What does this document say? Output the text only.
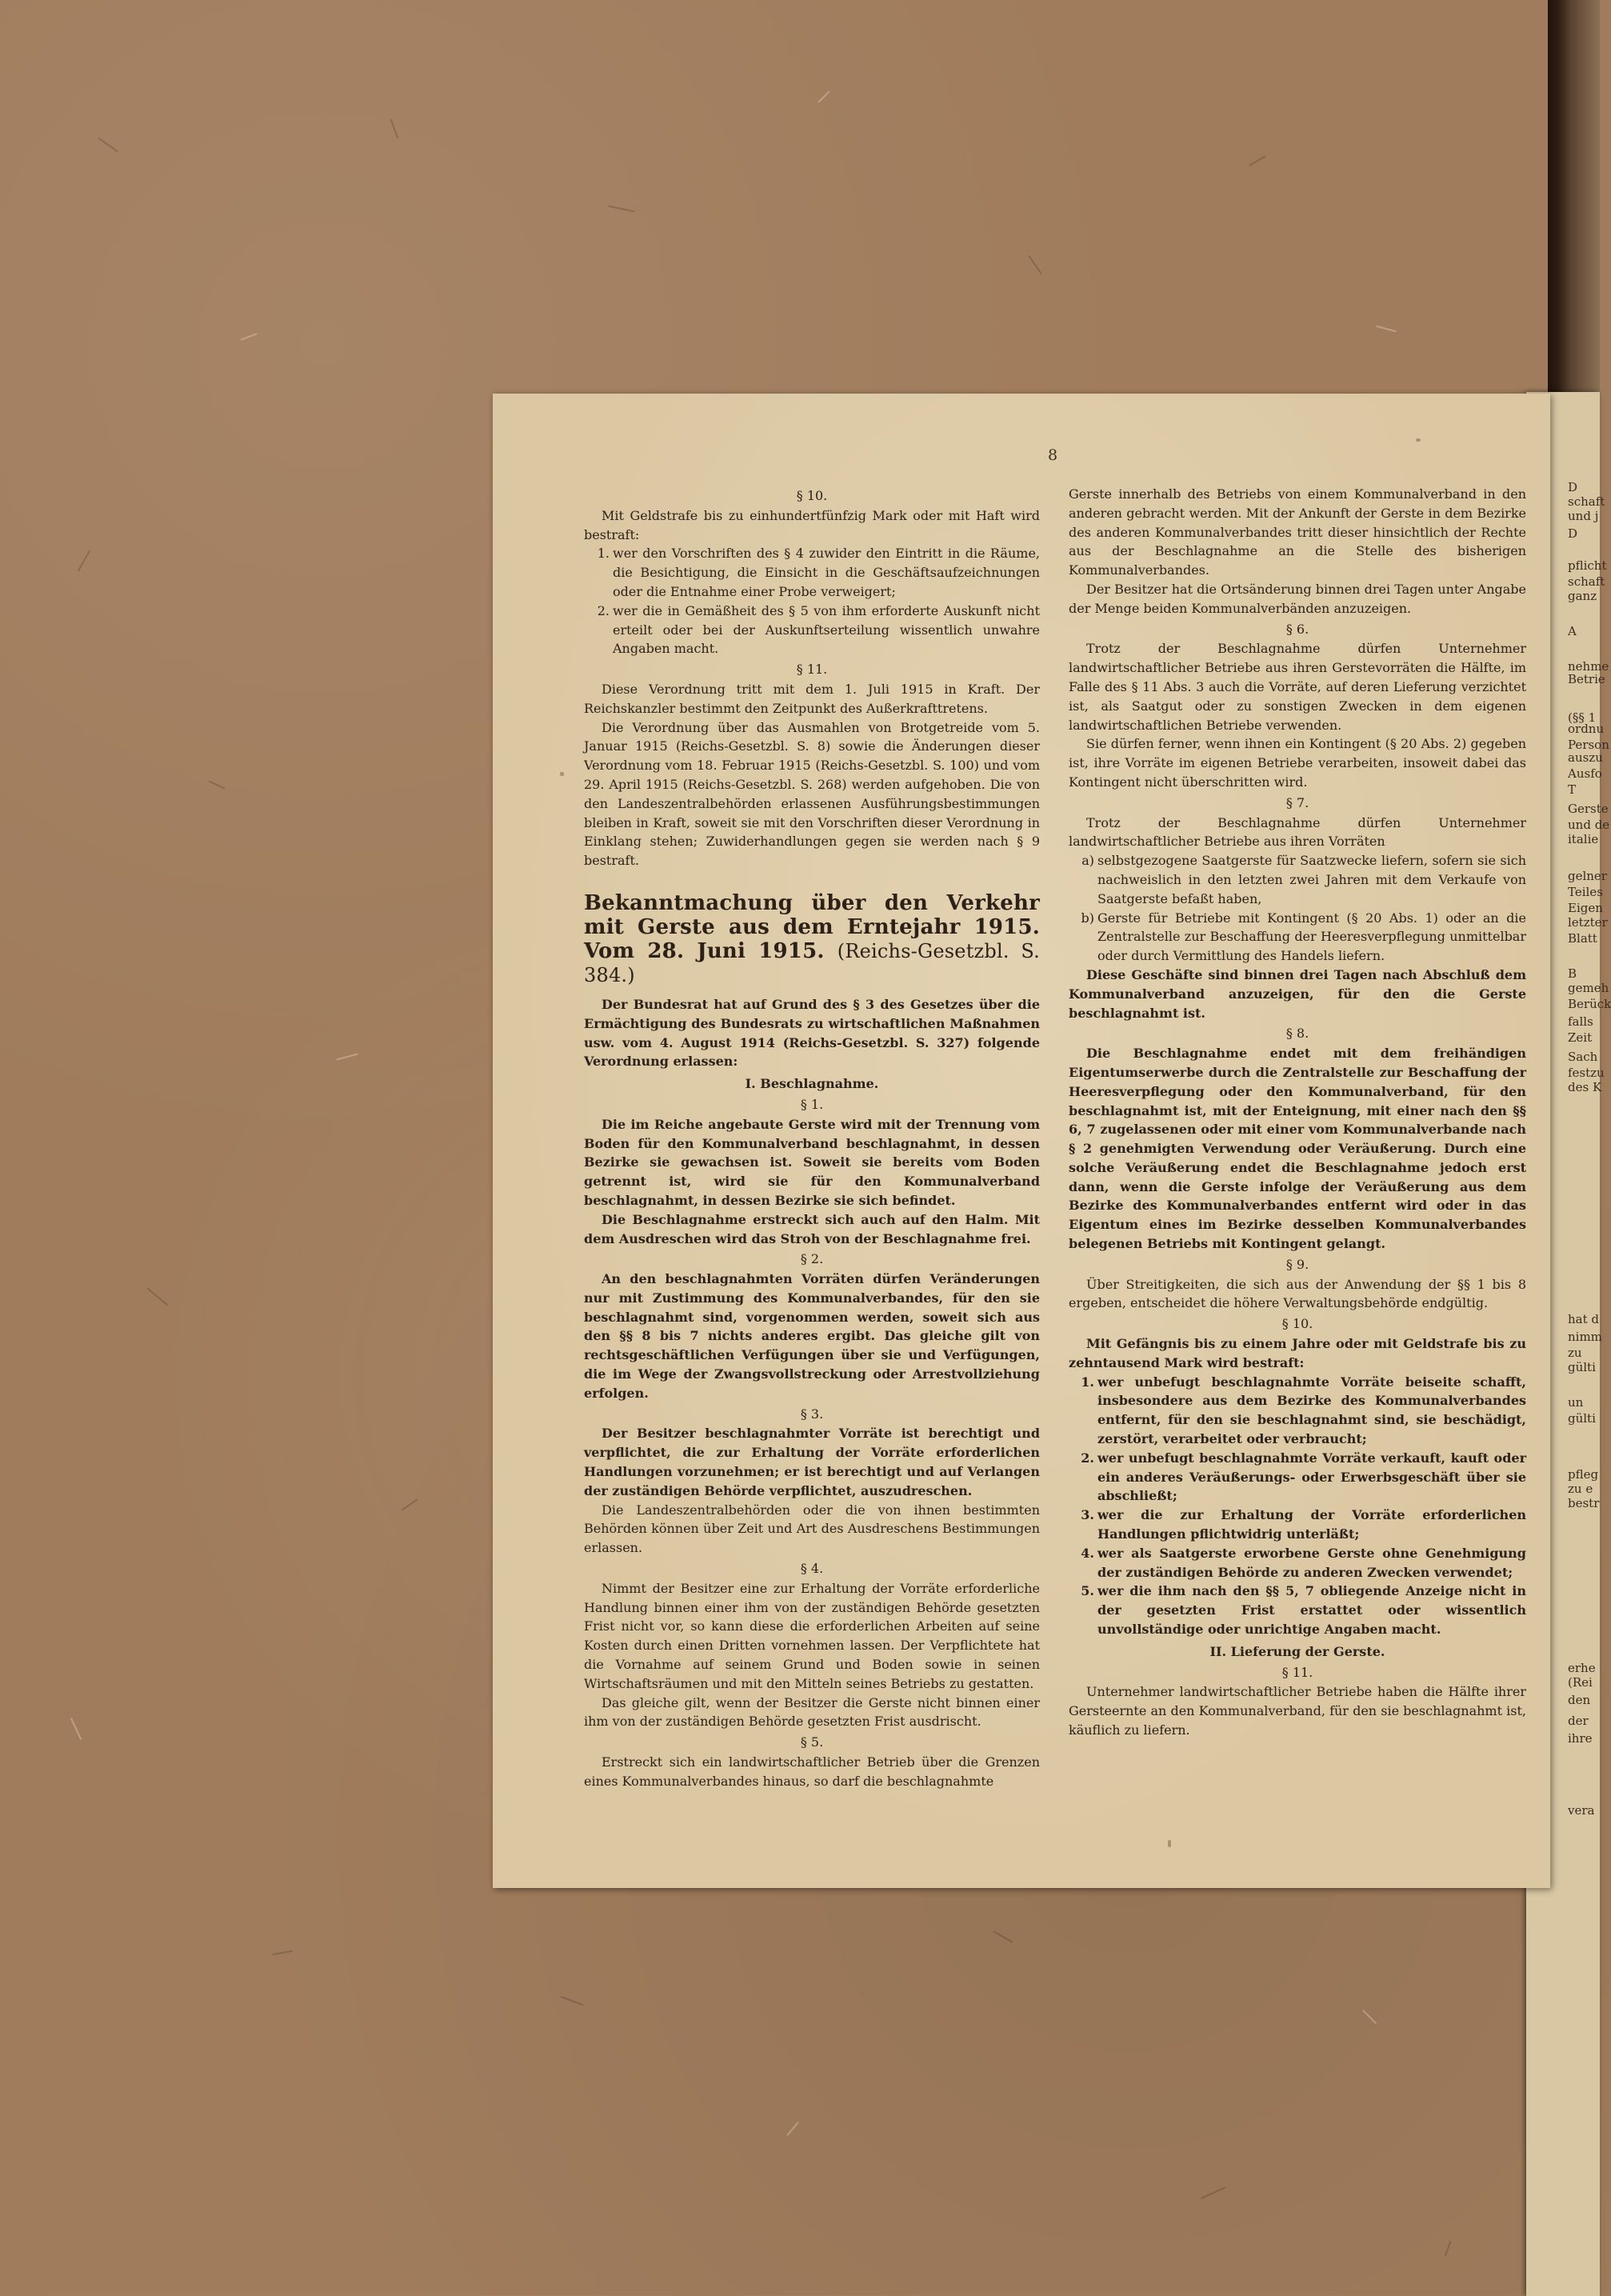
D
schaft
und j
D
pflicht
schaft
ganz
A
nehme
Betrie
(§§ 1
ordnu
Person
auszu
Ausfo
T
Gerste
und de
italie
gelner
Teiles
Eigen
letzter
Blatt
B
gemeh
Berück
falls
Zeit
Sach
festzu
des K
hat d
nimm
zu
gülti
un
gülti
pfleg
zu e
bestr
erhe
(Rei
den
der
ihre
vera
8
§ 10.

Mit Geldstrafe bis zu einhundertfünfzig Mark oder mit Haft wird bestraft:

1. wer den Vorschriften des § 4 zuwider den Eintritt in die Räume, die Besichtigung, die Einsicht in die Geschäftsaufzeichnungen oder die Entnahme einer Probe verweigert;
2. wer die in Gemäßheit des § 5 von ihm erforderte Auskunft nicht erteilt oder bei der Auskunftserteilung wissentlich unwahre Angaben macht.
§ 11.

Diese Verordnung tritt mit dem 1. Juli 1915 in Kraft. Der Reichskanzler bestimmt den Zeitpunkt des Außerkrafttretens.

Die Verordnung über das Ausmahlen von Brotgetreide vom 5. Januar 1915 (Reichs-Gesetzbl. S. 8) sowie die Änderungen dieser Verordnung vom 18. Februar 1915 (Reichs-Gesetzbl. S. 100) und vom 29. April 1915 (Reichs-Gesetzbl. S. 268) werden aufgehoben. Die von den Landeszentralbehörden erlassenen Ausführungsbestimmungen bleiben in Kraft, soweit sie mit den Vorschriften dieser Verordnung in Einklang stehen; Zuwiderhandlungen gegen sie werden nach § 9 bestraft.

Bekanntmachung über den Verkehr mit Gerste aus dem Erntejahr 1915. Vom 28. Juni 1915. (Reichs-Gesetzbl. S. 384.)

Der Bundesrat hat auf Grund des § 3 des Gesetzes über die Ermächtigung des Bundesrats zu wirtschaftlichen Maßnahmen usw. vom 4. August 1914 (Reichs-Gesetzbl. S. 327) folgende Verordnung erlassen:

I. Beschlagnahme.
§ 1.

Die im Reiche angebaute Gerste wird mit der Trennung vom Boden für den Kommunalverband beschlagnahmt, in dessen Bezirke sie gewachsen ist. Soweit sie bereits vom Boden getrennt ist, wird sie für den Kommunalverband beschlagnahmt, in dessen Bezirke sie sich befindet.

Die Beschlagnahme erstreckt sich auch auf den Halm. Mit dem Ausdreschen wird das Stroh von der Beschlagnahme frei.

§ 2.

An den beschlagnahmten Vorräten dürfen Veränderungen nur mit Zustimmung des Kommunalverbandes, für den sie beschlagnahmt sind, vorgenommen werden, soweit sich aus den §§ 8 bis 7 nichts anderes ergibt. Das gleiche gilt von rechtsgeschäftlichen Verfügungen über sie und Verfügungen, die im Wege der Zwangsvollstreckung oder Arrestvollziehung erfolgen.

§ 3.

Der Besitzer beschlagnahmter Vorräte ist berechtigt und verpflichtet, die zur Erhaltung der Vorräte erforderlichen Handlungen vorzunehmen; er ist berechtigt und auf Verlangen der zuständigen Behörde verpflichtet, auszudreschen.

Die Landeszentralbehörden oder die von ihnen bestimmten Behörden können über Zeit und Art des Ausdreschens Bestimmungen erlassen.

§ 4.

Nimmt der Besitzer eine zur Erhaltung der Vorräte erforderliche Handlung binnen einer ihm von der zuständigen Behörde gesetzten Frist nicht vor, so kann diese die erforderlichen Arbeiten auf seine Kosten durch einen Dritten vornehmen lassen. Der Verpflichtete hat die Vornahme auf seinem Grund und Boden sowie in seinen Wirtschaftsräumen und mit den Mitteln seines Betriebs zu gestatten.

Das gleiche gilt, wenn der Besitzer die Gerste nicht binnen einer ihm von der zuständigen Behörde gesetzten Frist ausdrischt.

§ 5.

Erstreckt sich ein landwirtschaftlicher Betrieb über die Grenzen eines Kommunalverbandes hinaus, so darf die beschlagnahmte

Gerste innerhalb des Betriebs von einem Kommunalverband in den anderen gebracht werden. Mit der Ankunft der Gerste in dem Bezirke des anderen Kommunalverbandes tritt dieser hinsichtlich der Rechte aus der Beschlagnahme an die Stelle des bisherigen Kommunalverbandes.

Der Besitzer hat die Ortsänderung binnen drei Tagen unter Angabe der Menge beiden Kommunalverbänden anzuzeigen.

§ 6.

Trotz der Beschlagnahme dürfen Unternehmer landwirtschaftlicher Betriebe aus ihren Gerstevorräten die Hälfte, im Falle des § 11 Abs. 3 auch die Vorräte, auf deren Lieferung verzichtet ist, als Saatgut oder zu sonstigen Zwecken in dem eigenen landwirtschaftlichen Betriebe verwenden.

Sie dürfen ferner, wenn ihnen ein Kontingent (§ 20 Abs. 2) gegeben ist, ihre Vorräte im eigenen Betriebe verarbeiten, insoweit dabei das Kontingent nicht überschritten wird.

§ 7.

Trotz der Beschlagnahme dürfen Unternehmer landwirtschaftlicher Betriebe aus ihren Vorräten

a) selbstgezogene Saatgerste für Saatzwecke liefern, sofern sie sich nachweislich in den letzten zwei Jahren mit dem Verkaufe von Saatgerste befaßt haben,
b) Gerste für Betriebe mit Kontingent (§ 20 Abs. 1) oder an die Zentralstelle zur Beschaffung der Heeresverpflegung unmittelbar oder durch Vermittlung des Handels liefern.

Diese Geschäfte sind binnen drei Tagen nach Abschluß dem Kommunalverband anzuzeigen, für den die Gerste beschlagnahmt ist.

§ 8.

Die Beschlagnahme endet mit dem freihändigen Eigentumserwerbe durch die Zentralstelle zur Beschaffung der Heeresverpflegung oder den Kommunalverband, für den beschlagnahmt ist, mit der Enteignung, mit einer nach den §§ 6, 7 zugelassenen oder mit einer vom Kommunalverbande nach § 2 genehmigten Verwendung oder Veräußerung. Durch eine solche Veräußerung endet die Beschlagnahme jedoch erst dann, wenn die Gerste infolge der Veräußerung aus dem Bezirke des Kommunalverbandes entfernt wird oder in das Eigentum eines im Bezirke desselben Kommunalverbandes belegenen Betriebs mit Kontingent gelangt.

§ 9.

Über Streitigkeiten, die sich aus der Anwendung der §§ 1 bis 8 ergeben, entscheidet die höhere Verwaltungsbehörde endgültig.

§ 10.

Mit Gefängnis bis zu einem Jahre oder mit Geldstrafe bis zu zehntausend Mark wird bestraft:

1. wer unbefugt beschlagnahmte Vorräte beiseite schafft, insbesondere aus dem Bezirke des Kommunalverbandes entfernt, für den sie beschlagnahmt sind, sie beschädigt, zerstört, verarbeitet oder verbraucht;
2. wer unbefugt beschlagnahmte Vorräte verkauft, kauft oder ein anderes Veräußerungs- oder Erwerbsgeschäft über sie abschließt;
3. wer die zur Erhaltung der Vorräte erforderlichen Handlungen pflichtwidrig unterläßt;
4. wer als Saatgerste erworbene Gerste ohne Genehmigung der zuständigen Behörde zu anderen Zwecken verwendet;
5. wer die ihm nach den §§ 5, 7 obliegende Anzeige nicht in der gesetzten Frist erstattet oder wissentlich unvollständige oder unrichtige Angaben macht.
II. Lieferung der Gerste.
§ 11.

Unternehmer landwirtschaftlicher Betriebe haben die Hälfte ihrer Gersteernte an den Kommunalverband, für den sie beschlagnahmt ist, käuflich zu liefern.
